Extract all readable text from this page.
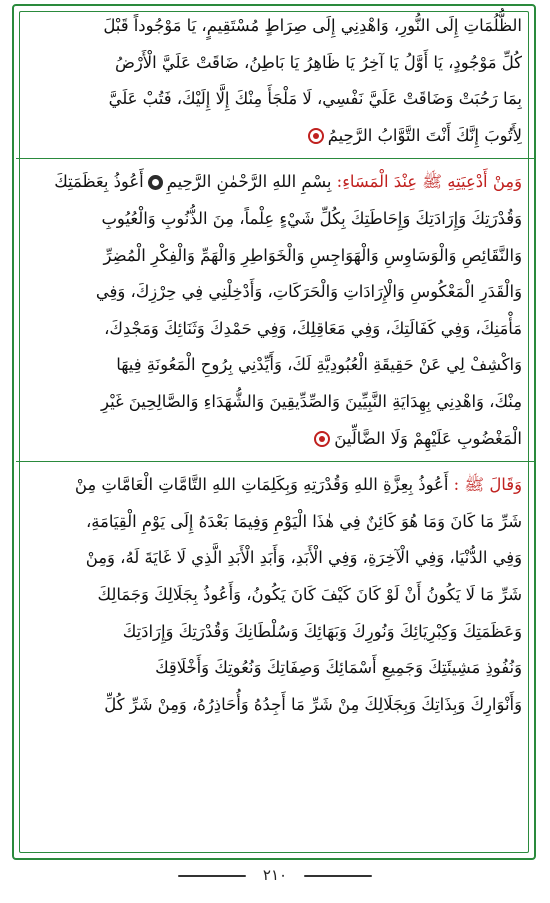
الظُّلُمَاتِ إِلَى النُّورِ، وَاهْدِنِي إِلَى صِرَاطٍ مُسْتَقِيمٍ، يَا مَوْجُوداً قَبْلَ
كُلِّ مَوْجُودٍ، يَا أَوَّلُ يَا آخِرُ يَا ظَاهِرُ يَا بَاطِنُ، ضَاقَتْ عَلَيَّ الْأَرْضُ
بِمَا رَحُبَتْ وَضَاقَتْ عَلَيَّ نَفْسِي، لَا مَلْجَأَ مِنْكَ إِلَّا إِلَيْكَ، فَتُبْ عَلَيَّ
لِأَتُوبَ إِنَّكَ أَنْتَ التَّوَّابُ الرَّحِيمُ
وَمِنْ أَدْعِيَتِهِ ﷺ عِنْدَ الْمَسَاءِ: بِسْمِ اللهِ الرَّحْمٰنِ الرَّحِيمِأَعُوذُ بِعَظَمَتِكَ
وَقُدْرَتِكَ وَإِرَادَتِكَ وَإِحَاطَتِكَ بِكُلِّ شَيْءٍ عِلْماً، مِنَ الذُّنُوبِ وَالْعُيُوبِ
وَالنَّقَائِصِ وَالْوَسَاوِسِ وَالْهَوَاجِسِ وَالْخَوَاطِرِ وَالْهَمِّ وَالْفِكْرِ الْمُضِرِّ
وَالْقَدَرِ الْمَعْكُوسِ وَالْإِرَادَاتِ وَالْحَرَكَاتِ، وَأَدْخِلْنِي فِي حِرْزِكَ، وَفِي
مَأْمَنِكَ، وَفِي كَفَالَتِكَ، وَفِي مَعَاقِلِكَ، وَفِي حَمْدِكَ وَثَنَائِكَ وَمَجْدِكَ،
وَاكْشِفْ لِي عَنْ حَقِيقَةِ الْعُبُودِيَّةِ لَكَ، وَأَيِّدْنِي بِرُوحِ الْمَعُونَةِ فِيهَا
مِنْكَ، وَاهْدِنِي بِهِدَايَةِ النَّبِيِّينَ وَالصِّدِّيقِينَ وَالشُّهَدَاءِ وَالصَّالِحِينَ غَيْرِ
الْمَغْضُوبِ عَلَيْهِمْ وَلَا الضَّالِّينَ
وَقَالَ ﷺ : أَعُوذُ بِعِزَّةِ اللهِ وَقُدْرَتِهِ وَبِكَلِمَاتِ اللهِ التَّامَّاتِ الْعَامَّاتِ مِنْ
شَرِّ مَا كَانَ وَمَا هُوَ كَائِنٌ فِي هٰذَا الْيَوْمِ وَفِيمَا بَعْدَهُ إِلَى يَوْمِ الْقِيَامَةِ،
وَفِي الدُّنْيَا، وَفِي الْآخِرَةِ، وَفِي الْأَبَدِ، وَأَبَدِ الْأَبَدِ الَّذِي لَا غَايَةَ لَهُ، وَمِنْ
شَرِّ مَا لَا يَكُونُ أَنْ لَوْ كَانَ كَيْفَ كَانَ يَكُونُ، وَأَعُوذُ بِجَلَالِكَ وَجَمَالِكَ
وَعَظَمَتِكَ وَكِبْرِيَائِكَ وَنُورِكَ وَبَهَائِكَ وَسُلْطَانِكَ وَقُدْرَتِكَ وَإِرَادَتِكَ
وَنُفُوذِ مَشِيئَتِكَ وَجَمِيعِ أَسْمَائِكَ وَصِفَاتِكَ وَنُعُوتِكَ وَأَخْلَاقِكَ
وَأَنْوَارِكَ وَبِذَاتِكَ وَبِجَلَالِكَ مِنْ شَرِّ مَا أَجِدُهُ وَأُحَاذِرُهُ، وَمِنْ شَرِّ كُلِّ
٢١٠
